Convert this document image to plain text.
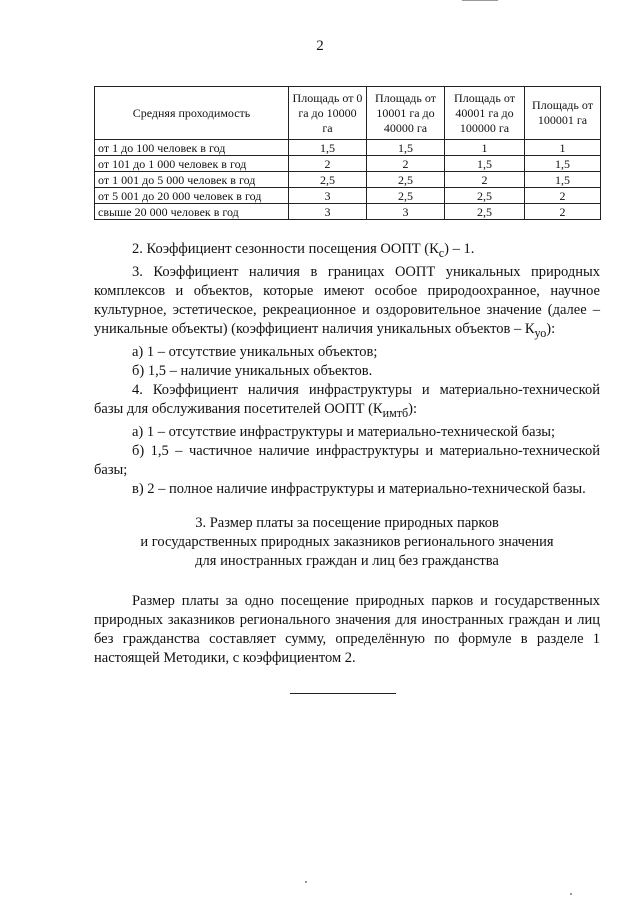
2
Средняя проходимость	Площадь от 0 га до 10000 га	Площадь от 10001 га до 40000 га	Площадь от 40001 га до 100000 га	Площадь от 100001 га
от 1 до 100 человек в год	1,5	1,5	1	1
от 101 до 1 000 человек в год	2	2	1,5	1,5
от 1 001 до 5 000 человек в год	2,5	2,5	2	1,5
от 5 001 до 20 000 человек в год	3	2,5	2,5	2
свыше 20 000 человек в год	3	3	2,5	2

2. Коэффициент сезонности посещения ООПТ $(К_с) - 1$.

3. Коэффициент наличия в границах ООПТ уникальных природных комплексов и объектов, которые имеют особое природоохранное, научное культурное, эстетическое, рекреационное и оздоровительное значение (далее – уникальные объекты) (коэффициент наличия уникальных объектов – $К_{уо}$):

а) 1 – отсутствие уникальных объектов;

б) 1,5 – наличие уникальных объектов.

4. Коэффициент наличия инфраструктуры и материально-технической базы для обслуживания посетителей ООПТ $(К_{имтб})$:

а) 1 – отсутствие инфраструктуры и материально-технической базы;

б) 1,5 – частичное наличие инфраструктуры и материально-технической базы;

в) 2 – полное наличие инфраструктуры и материально-технической базы.

3. Размер платы за посещение природных парков
и государственных природных заказников регионального значения
для иностранных граждан и лиц без гражданства

Размер платы за одно посещение природных парков и государственных природных заказников регионального значения для иностранных граждан и лиц без гражданства составляет сумму, определённую по формуле в разделе 1 настоящей Методики, с коэффициентом 2.
